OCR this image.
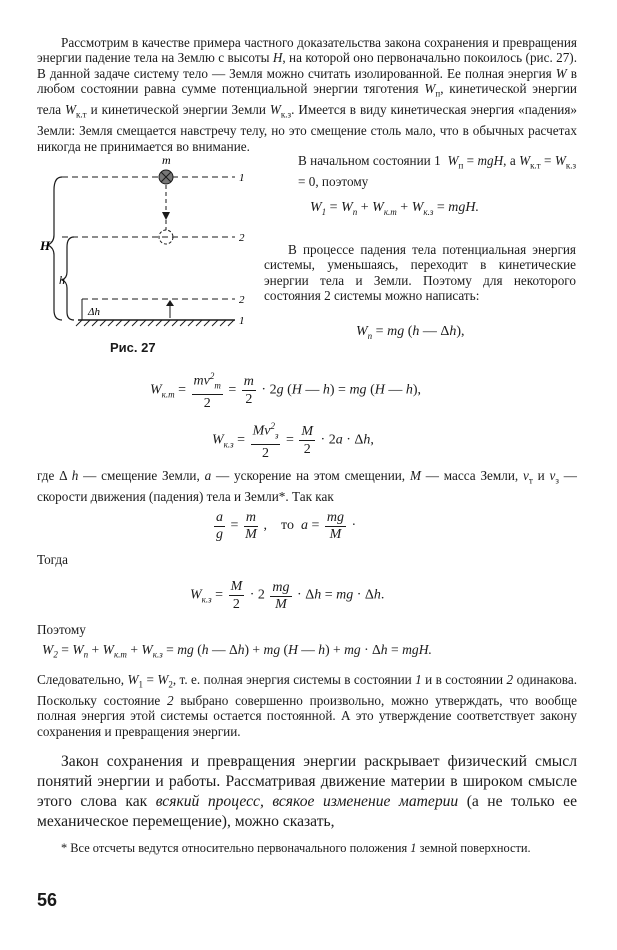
Рассмотрим в качестве примера частного доказательства закона сохранения и превращения энергии падение тела на Землю с высоты H, на которой оно первоначально покоилось (рис. 27). В данной задаче систему тело — Земля можно считать изолированной. Ее полная энергия W в любом состоянии равна сумме потенциальной энергии тяготения $W_п$, кинетической энергии тела $W_{к.т}$ и кинетической энергии Земли $W_{к.з}$. Имеется в виду кинетическая энергия «падения» Земли: Земля смещается навстречу телу, но это смещение столь мало, что в обычных расчетах никогда не принимается во внимание.

m
H
h
Δh
1
2
2
1
Рис. 27

В начальном состоянии 1  $W_п$ = mgH, а $W_{к.т} = W_{к.з} = 0$, поэтому

$W_1 = W_п + W_{к.т} + W_{к.з}$ = mgH.

В процессе падения тела потенциальная энергия системы, уменьшаясь, переходит в кинетические энергии тела и Земли. Поэтому для некоторого состояния 2 системы можно написать:

$W_п$ = mg (h — Δh),
$W_{к.т} = \frac{mv^2_т}{2} = \frac{m}{2} \cdot 2g$ (H — h) = mg (H — h),
$W_{к.з} = \frac{Mv^2_з}{2} = \frac{M}{2} \cdot 2a \cdot \Delta h$,

где Δ h — смещение Земли, a — ускорение на этом смещении, M — масса Земли, $v_т$ и $v_з$ — скорости движения (падения) тела и Земли*. Так как

$\frac{a}{g} = \frac{m}{M}$ ,    то  $a = \frac{mg}{M}$ ·
Тогда
$W_{к.з} = \frac{M}{2} \cdot 2 \frac{mg}{M} \cdot \Delta h$ = mg · Δh.
Поэтому
$W_2 = W_п + W_{к.т} + W_{к.з}$ = mg (h — Δh) + mg (H — h) + mg · Δh = mgH.

Следовательно, $W_1 = W_2$, т. е. полная энергия системы в состоянии 1 и в состоянии 2 одинакова. Поскольку состояние 2 выбрано совершенно произвольно, можно утверждать, что вообще полная энергия этой системы остается постоянной. А это утверждение соответствует закону сохранения и превращения энергии.

Закон сохранения и превращения энергии раскрывает физический смысл понятий энергии и работы. Рассматривая движение материи в широком смысле этого слова как всякий процесс, всякое изменение материи (а не только ее механическое перемещение), можно сказать,

* Все отсчеты ведутся относительно первоначального положения 1 земной поверхности.

56
